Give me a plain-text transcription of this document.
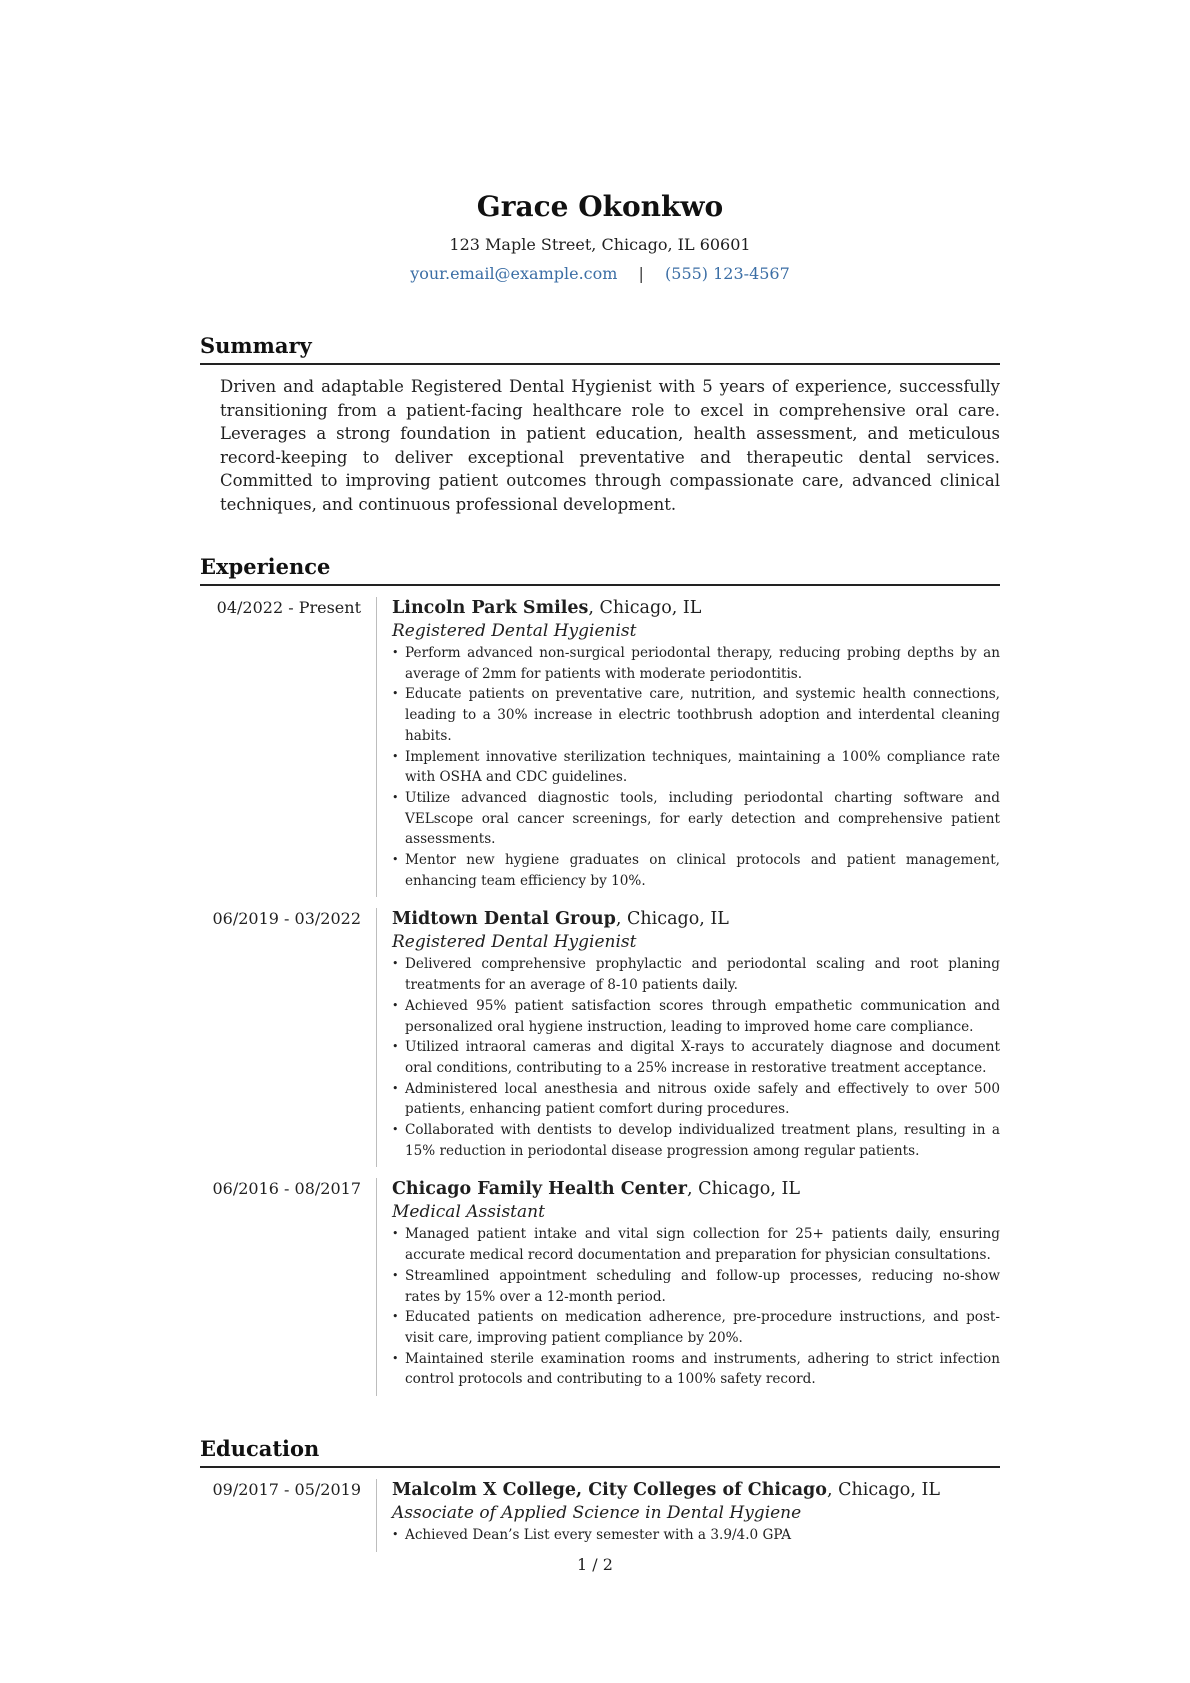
Grace Okonkwo
123 Maple Street, Chicago, IL 60601
your.email@example.com | (555) 123-4567
Summary

Driven and adaptable Registered Dental Hygienist with 5 years of experience, successfully transitioning from a patient-facing healthcare role to excel in comprehensive oral care. Leverages a strong foundation in patient education, health assessment, and meticulous record-keeping to deliver exceptional preventative and therapeutic dental services. Committed to improving patient outcomes through compassionate care, advanced clinical techniques, and continuous professional development.

Experience
04/2022 - Present	Lincoln Park Smiles, Chicago, IL
Registered Dental Hygienist
• Perform advanced non-surgical periodontal therapy, reducing probing depths by an average of 2mm for patients with moderate periodontitis.
• Educate patients on preventative care, nutrition, and systemic health connections, leading to a 30% increase in electric toothbrush adoption and interdental cleaning habits.
• Implement innovative sterilization techniques, maintaining a 100% compliance rate with OSHA and CDC guidelines.
• Utilize advanced diagnostic tools, including periodontal charting software and VELscope oral cancer screenings, for early detection and comprehensive patient assessments.
• Mentor new hygiene graduates on clinical protocols and patient management, enhancing team efficiency by 10%.
06/2019 - 03/2022	Midtown Dental Group, Chicago, IL
Registered Dental Hygienist
• Delivered comprehensive prophylactic and periodontal scaling and root planing treatments for an average of 8-10 patients daily.
• Achieved 95% patient satisfaction scores through empathetic communication and personalized oral hygiene instruction, leading to improved home care compliance.
• Utilized intraoral cameras and digital X-rays to accurately diagnose and document oral conditions, contributing to a 25% increase in restorative treatment acceptance.
• Administered local anesthesia and nitrous oxide safely and effectively to over 500 patients, enhancing patient comfort during procedures.
• Collaborated with dentists to develop individualized treatment plans, resulting in a 15% reduction in periodontal disease progression among regular patients.
06/2016 - 08/2017	Chicago Family Health Center, Chicago, IL
Medical Assistant
• Managed patient intake and vital sign collection for 25+ patients daily, ensuring accurate medical record documentation and preparation for physician consultations.
• Streamlined appointment scheduling and follow-up processes, reducing no-show rates by 15% over a 12-month period.
• Educated patients on medication adherence, pre-procedure instructions, and post-visit care, improving patient compliance by 20%.
• Maintained sterile examination rooms and instruments, adhering to strict infection control protocols and contributing to a 100% safety record.
Education
09/2017 - 05/2019	Malcolm X College, City Colleges of Chicago, Chicago, IL
Associate of Applied Science in Dental Hygiene
• Achieved Dean’s List every semester with a 3.9/4.0 GPA
1 / 2
